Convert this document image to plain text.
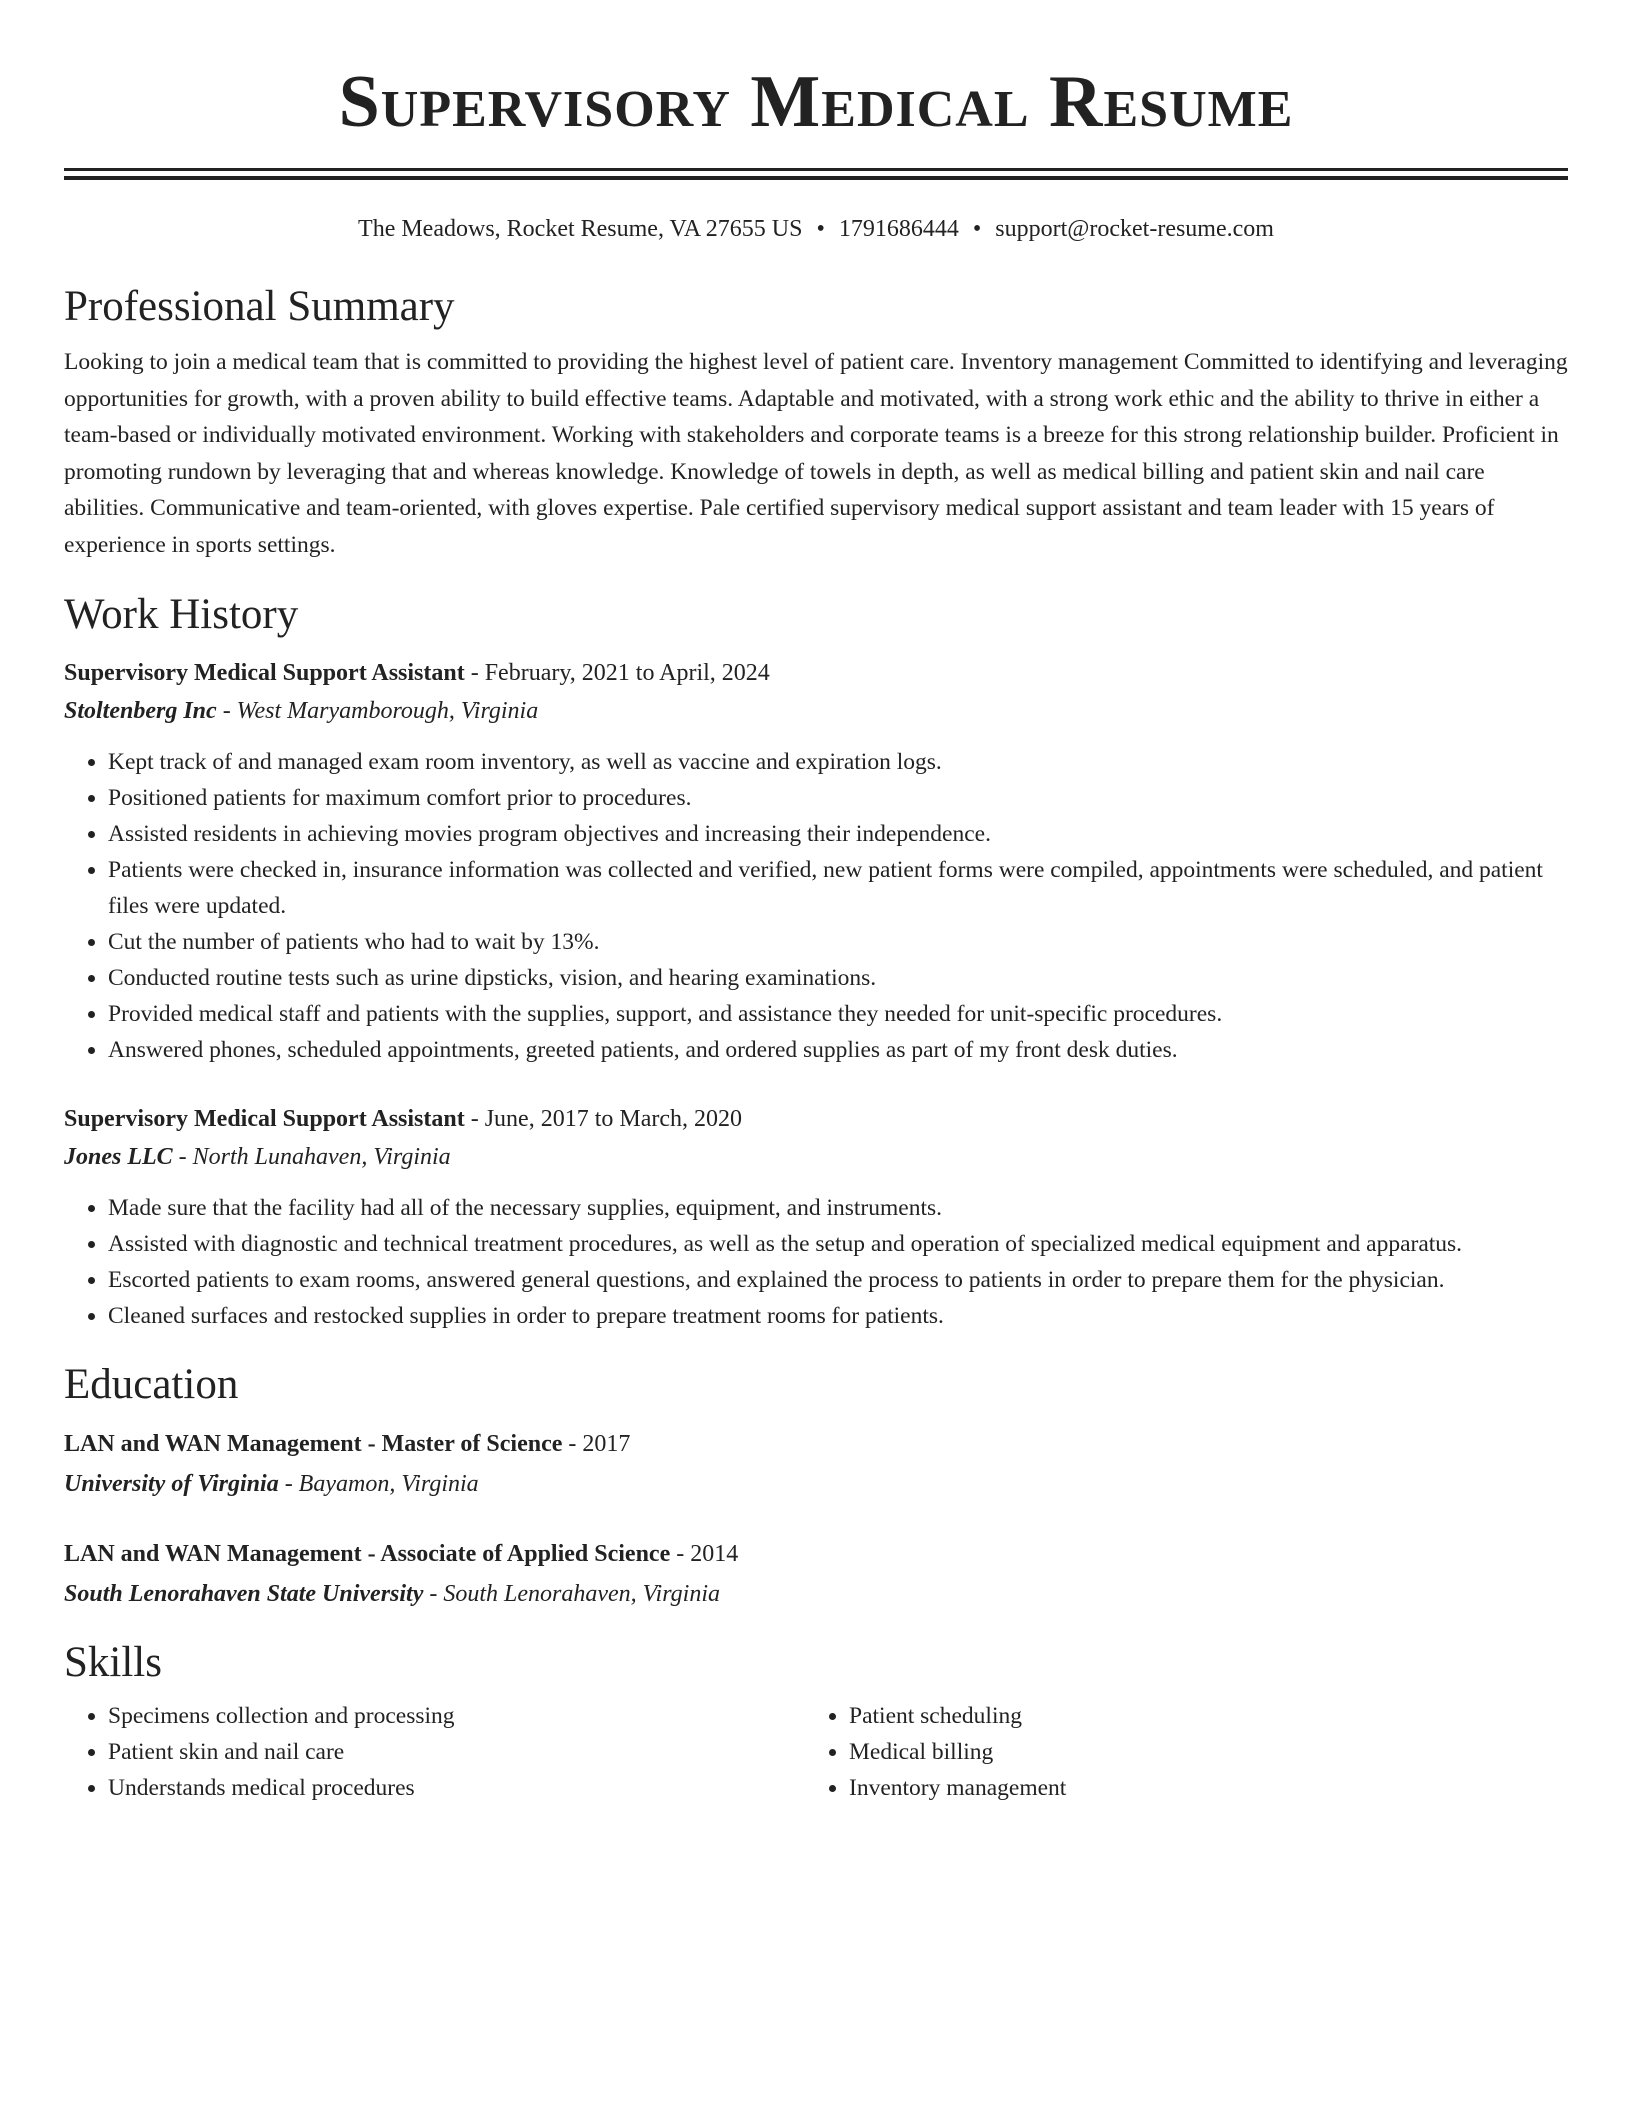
Supervisory Medical Resume
The Meadows, Rocket Resume, VA 27655 US • 1791686444 • support@rocket-resume.com
Professional Summary
Looking to join a medical team that is committed to providing the highest level of patient care. Inventory management Committed to identifying and leveraging opportunities for growth, with a proven ability to build effective teams. Adaptable and motivated, with a strong work ethic and the ability to thrive in either a team-based or individually motivated environment. Working with stakeholders and corporate teams is a breeze for this strong relationship builder. Proficient in promoting rundown by leveraging that and whereas knowledge. Knowledge of towels in depth, as well as medical billing and patient skin and nail care abilities. Communicative and team-oriented, with gloves expertise. Pale certified supervisory medical support assistant and team leader with 15 years of experience in sports settings.
Work History
Supervisory Medical Support Assistant - February, 2021 to April, 2024
Stoltenberg Inc - West Maryamborough, Virginia
• Kept track of and managed exam room inventory, as well as vaccine and expiration logs.
• Positioned patients for maximum comfort prior to procedures.
• Assisted residents in achieving movies program objectives and increasing their independence.
• Patients were checked in, insurance information was collected and verified, new patient forms were compiled, appointments were scheduled, and patient files were updated.
• Cut the number of patients who had to wait by 13%.
• Conducted routine tests such as urine dipsticks, vision, and hearing examinations.
• Provided medical staff and patients with the supplies, support, and assistance they needed for unit-specific procedures.
• Answered phones, scheduled appointments, greeted patients, and ordered supplies as part of my front desk duties.
Supervisory Medical Support Assistant - June, 2017 to March, 2020
Jones LLC - North Lunahaven, Virginia
• Made sure that the facility had all of the necessary supplies, equipment, and instruments.
• Assisted with diagnostic and technical treatment procedures, as well as the setup and operation of specialized medical equipment and apparatus.
• Escorted patients to exam rooms, answered general questions, and explained the process to patients in order to prepare them for the physician.
• Cleaned surfaces and restocked supplies in order to prepare treatment rooms for patients.
Education
LAN and WAN Management - Master of Science - 2017
University of Virginia - Bayamon, Virginia
LAN and WAN Management - Associate of Applied Science - 2014
South Lenorahaven State University - South Lenorahaven, Virginia
Skills
• Specimens collection and processing
• Patient skin and nail care
• Understands medical procedures
• Patient scheduling
• Medical billing
• Inventory management
